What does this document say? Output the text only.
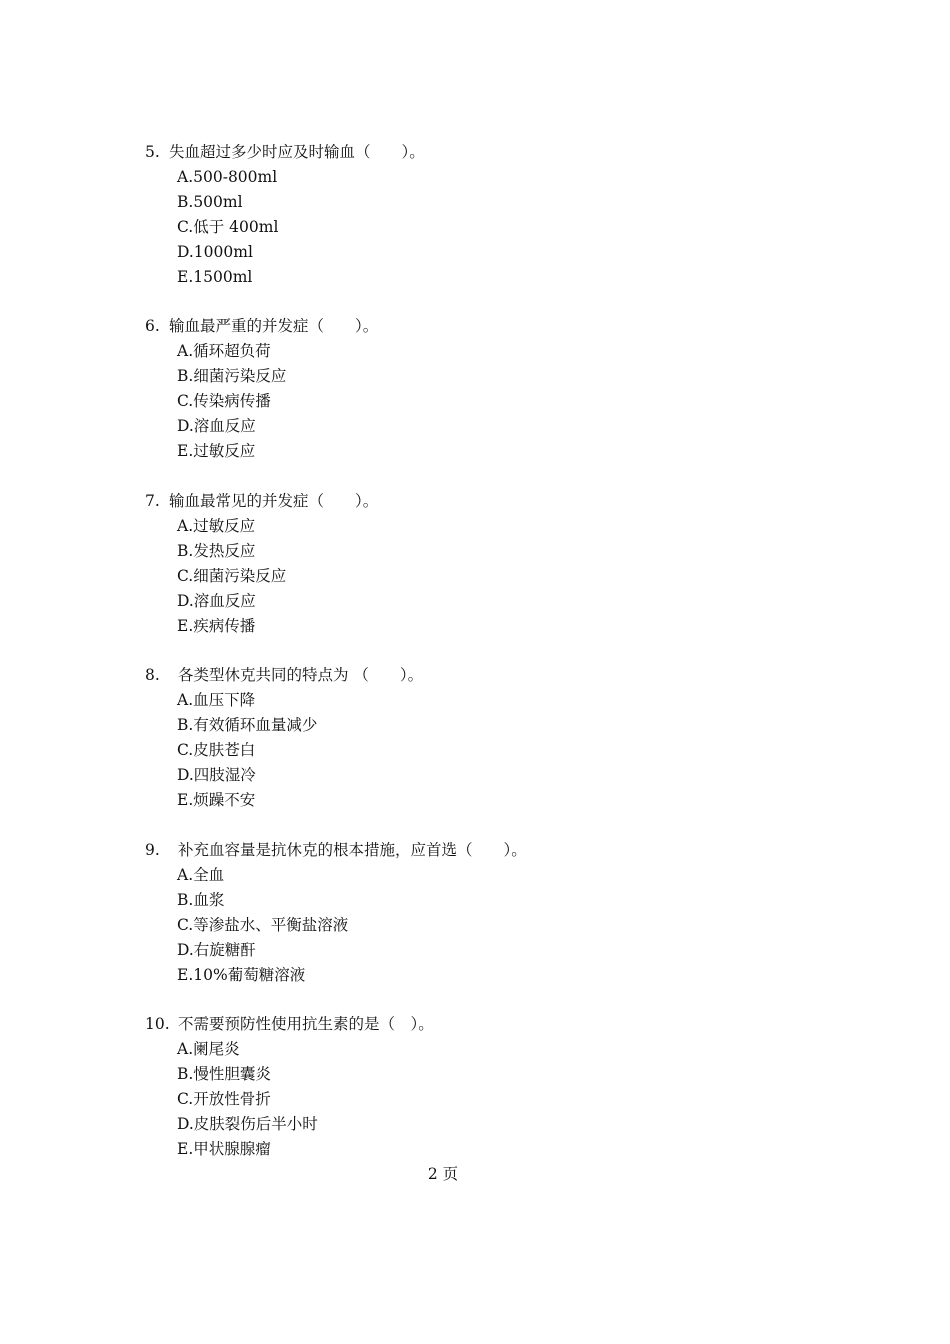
5. 失血超过多少时应及时输血（　　）。
A.500-800ml
B.500ml
C.低于 400ml
D.1000ml
E.1500ml
6. 输血最严重的并发症（　　）。
A.循环超负荷
B.细菌污染反应
C.传染病传播
D.溶血反应
E.过敏反应
7. 输血最常见的并发症（　　）。
A.过敏反应
B.发热反应
C.细菌污染反应
D.溶血反应
E.疾病传播
8. 各类型休克共同的特点为 （　　）。
A.血压下降
B.有效循环血量减少
C.皮肤苍白
D.四肢湿冷
E.烦躁不安
9. 补充血容量是抗休克的根本措施，应首选（　　）。
A.全血
B.血浆
C.等渗盐水、平衡盐溶液
D.右旋糖酐
E.10%葡萄糖溶液
10. 不需要预防性使用抗生素的是（　）。
A.阑尾炎
B.慢性胆囊炎
C.开放性骨折
D.皮肤裂伤后半小时
E.甲状腺腺瘤
2 页
